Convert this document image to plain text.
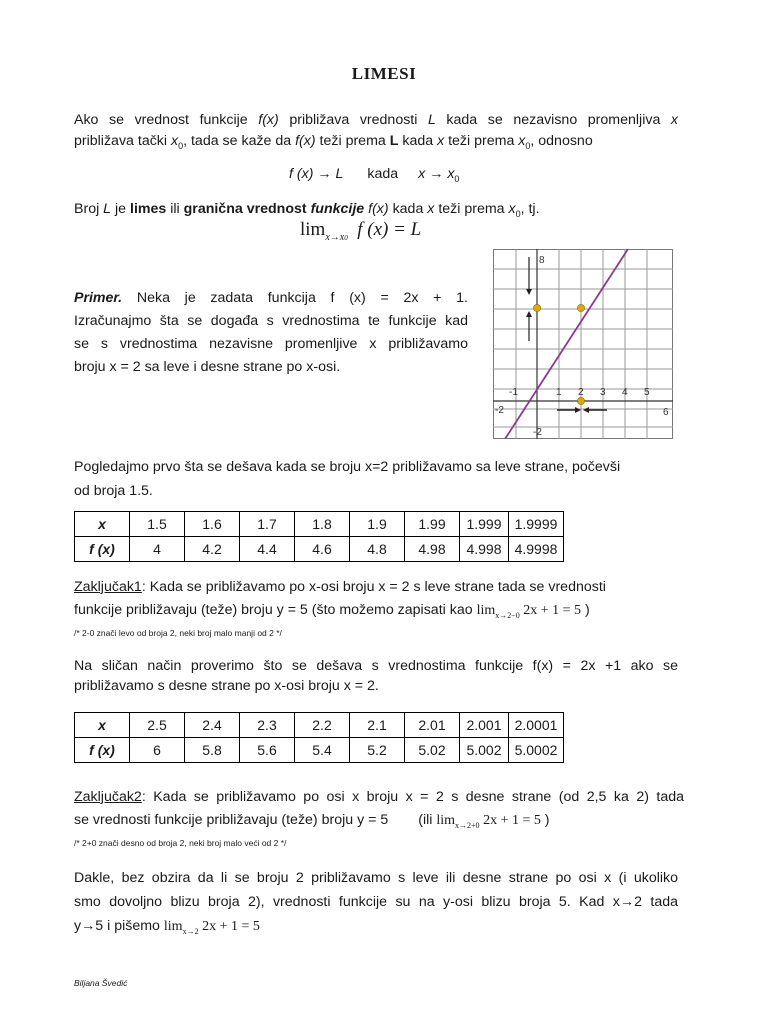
LIMESI
Ako se vrednost funkcije f(x) približava vrednosti L kada se nezavisno promenljiva x
približava tački $x_0$, tada se kaže da f(x) teži prema L kada x teži prema $x_0$, odnosno
f (x) → L kada $x \to x_0$
Broj L je limes ili granična vrednost funkcije f(x) kada x teži prema $x_0$, tj.
$\lim_{x\to x0} f$ (x) = L
8
-1	1 2 3 4 5
-2	6
-2
Primer. Neka je zadata funkcija f (x) = 2x + 1.
Izračunajmo šta se događa s vrednostima te funkcije kad
se s vrednostima nezavisne promenljive x približavamo
broju x = 2 sa leve i desne strane po x-osi.
Pogledajmo prvo šta se dešava kada se broju x=2 približavamo sa leve strane, počevši
od broja 1.5.
x	1.5	1.6	1.7	1.8	1.9	1.99	1.999	1.9999
f (x)	4	4.2	4.4	4.6	4.8	4.98	4.998	4.9998
Zaključak1: Kada se približavamo po x-osi broju x = 2 s leve strane tada se vrednosti
funkcije približavaju (teže) broju y = 5 (što možemo zapisati kao $\lim_{x\to 2-0} 2x + 1 = 5$ )
/* 2-0 znači levo od broja 2, neki broj malo manji od 2 */
Na sličan način proverimo što se dešava s vrednostima funkcije f(x) = 2x +1 ako se
približavamo s desne strane po x-osi broju x = 2.
x	2.5	2.4	2.3	2.2	2.1	2.01	2.001	2.0001
f (x)	6	5.8	5.6	5.4	5.2	5.02	5.002	5.0002
Zaključak2: Kada se približavamo po osi x broju x = 2 s desne strane (od 2,5 ka 2) tada
se vrednosti funkcije približavaju (teže) broju y = 5 (ili $\lim_{x\to 2+0} 2x + 1 = 5$ )
/* 2+0 znači desno od broja 2, neki broj malo veći od 2 */
Dakle, bez obzira da li se broju 2 približavamo s leve ili desne strane po osi x (i ukoliko
smo dovoljno blizu broja 2), vrednosti funkcije su na y-osi blizu broja 5. Kad x→2 tada
y→5 i pišemo $\lim_{x\to 2} 2x + 1 = 5$
Biljana Švedić
